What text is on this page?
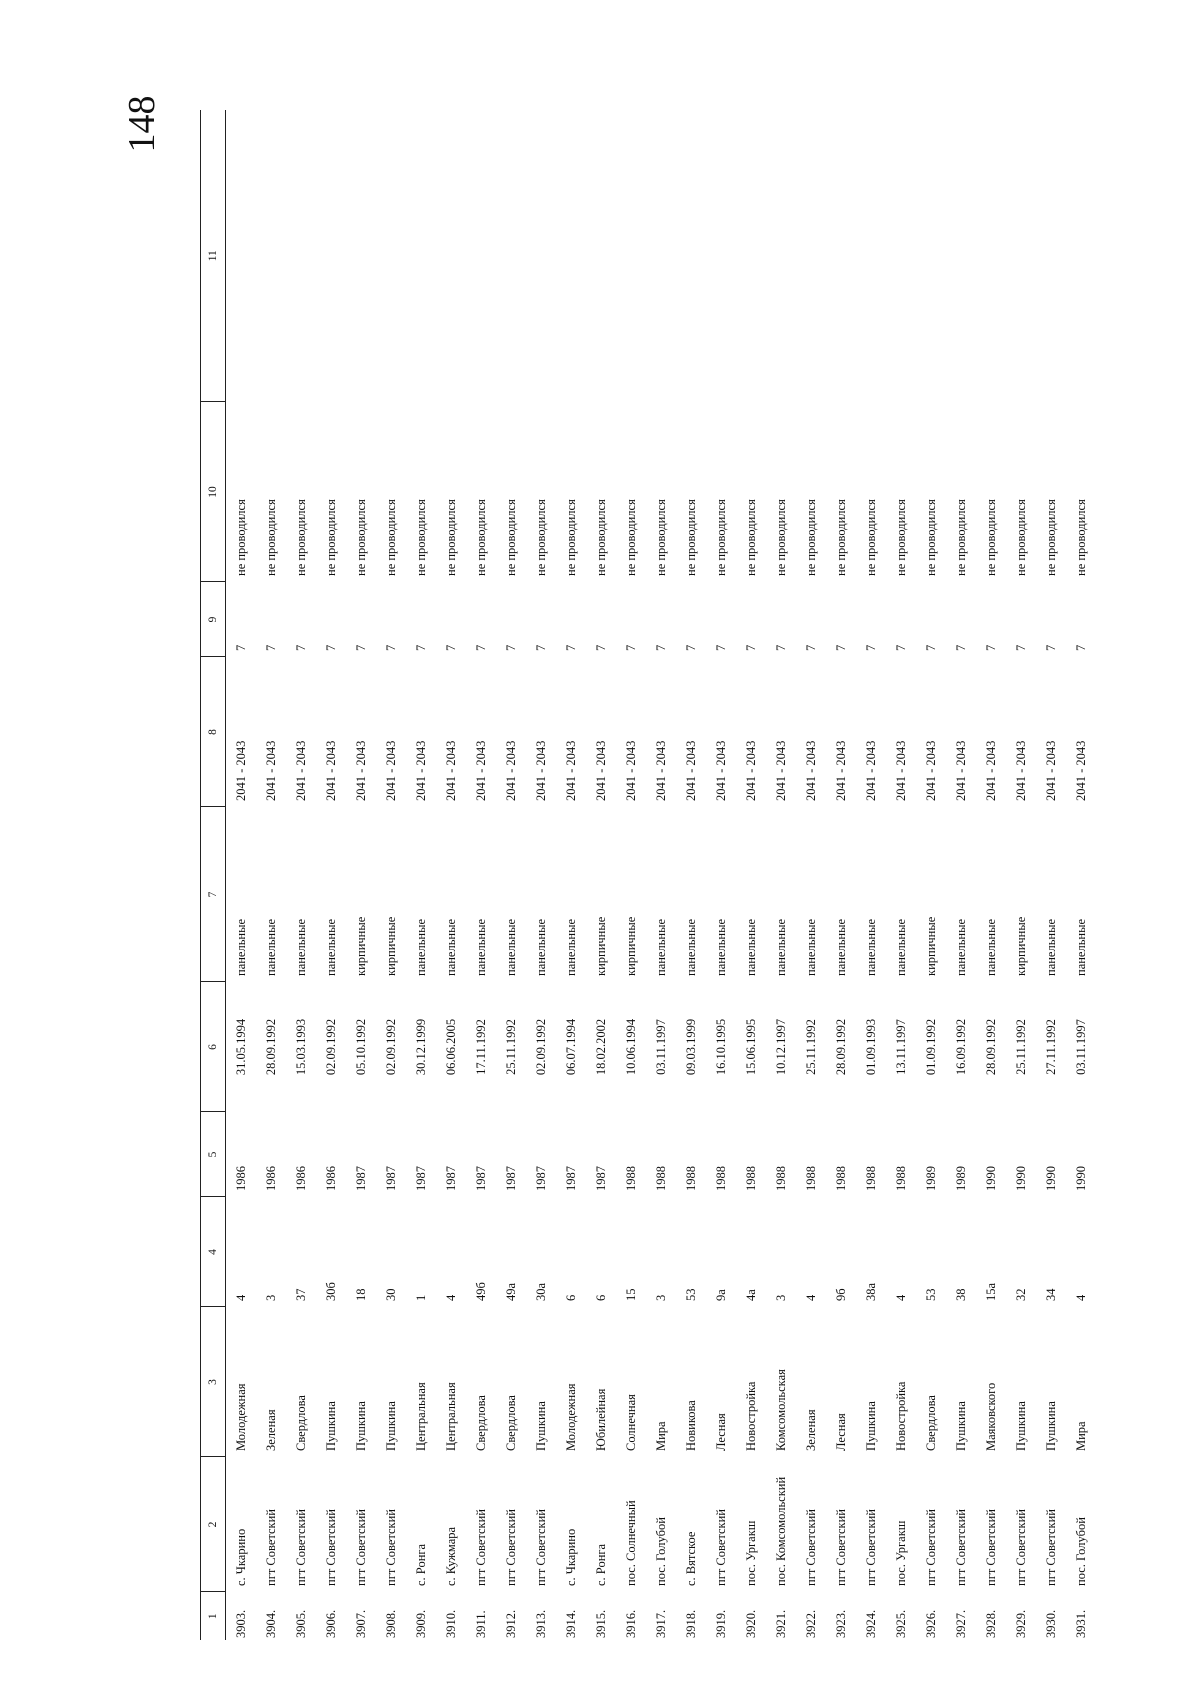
148
1	2	3	4	5	6	7	8	9	10	11
3903.	с. Чкарино	Молодежная	4	1986	31.05.1994	панельные	2041 - 2043	7	не проводился	
3904.	пгт Советский	Зеленая	3	1986	28.09.1992	панельные	2041 - 2043	7	не проводился	
3905.	пгт Советский	Свердлова	37	1986	15.03.1993	панельные	2041 - 2043	7	не проводился	
3906.	пгт Советский	Пушкина	30б	1986	02.09.1992	панельные	2041 - 2043	7	не проводился	
3907.	пгт Советский	Пушкина	18	1987	05.10.1992	кирпичные	2041 - 2043	7	не проводился	
3908.	пгт Советский	Пушкина	30	1987	02.09.1992	кирпичные	2041 - 2043	7	не проводился	
3909.	с. Ронга	Центральная	1	1987	30.12.1999	панельные	2041 - 2043	7	не проводился	
3910.	с. Кужмара	Центральная	4	1987	06.06.2005	панельные	2041 - 2043	7	не проводился	
3911.	пгт Советский	Свердлова	49б	1987	17.11.1992	панельные	2041 - 2043	7	не проводился	
3912.	пгт Советский	Свердлова	49а	1987	25.11.1992	панельные	2041 - 2043	7	не проводился	
3913.	пгт Советский	Пушкина	30а	1987	02.09.1992	панельные	2041 - 2043	7	не проводился	
3914.	с. Чкарино	Молодежная	6	1987	06.07.1994	панельные	2041 - 2043	7	не проводился	
3915.	с. Ронга	Юбилейная	6	1987	18.02.2002	кирпичные	2041 - 2043	7	не проводился	
3916.	пос. Солнечный	Солнечная	15	1988	10.06.1994	кирпичные	2041 - 2043	7	не проводился	
3917.	пос. Голубой	Мира	3	1988	03.11.1997	панельные	2041 - 2043	7	не проводился	
3918.	с. Вятское	Новикова	53	1988	09.03.1999	панельные	2041 - 2043	7	не проводился	
3919.	пгт Советский	Лесная	9а	1988	16.10.1995	панельные	2041 - 2043	7	не проводился	
3920.	пос. Ургакш	Новостройка	4а	1988	15.06.1995	панельные	2041 - 2043	7	не проводился	
3921.	пос. Комсомольский	Комсомольская	3	1988	10.12.1997	панельные	2041 - 2043	7	не проводился	
3922.	пгт Советский	Зеленая	4	1988	25.11.1992	панельные	2041 - 2043	7	не проводился	
3923.	пгт Советский	Лесная	9б	1988	28.09.1992	панельные	2041 - 2043	7	не проводился	
3924.	пгт Советский	Пушкина	38а	1988	01.09.1993	панельные	2041 - 2043	7	не проводился	
3925.	пос. Ургакш	Новостройка	4	1988	13.11.1997	панельные	2041 - 2043	7	не проводился	
3926.	пгт Советский	Свердлова	53	1989	01.09.1992	кирпичные	2041 - 2043	7	не проводился	
3927.	пгт Советский	Пушкина	38	1989	16.09.1992	панельные	2041 - 2043	7	не проводился	
3928.	пгт Советский	Маяковского	15а	1990	28.09.1992	панельные	2041 - 2043	7	не проводился	
3929.	пгт Советский	Пушкина	32	1990	25.11.1992	кирпичные	2041 - 2043	7	не проводился	
3930.	пгт Советский	Пушкина	34	1990	27.11.1992	панельные	2041 - 2043	7	не проводился	
3931.	пос. Голубой	Мира	4	1990	03.11.1997	панельные	2041 - 2043	7	не проводился	
